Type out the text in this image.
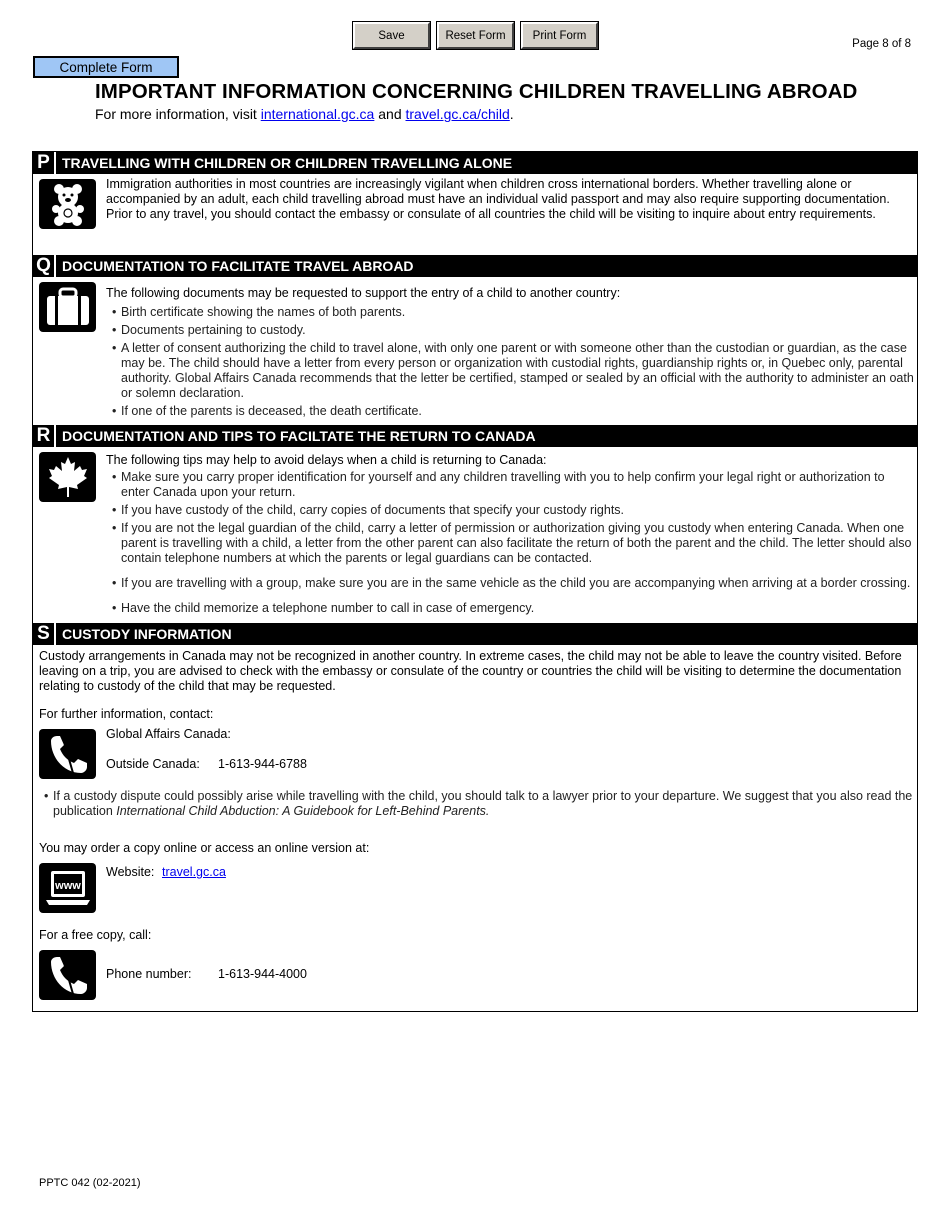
Save	Reset Form	Print Form
Page 8 of 8
Complete Form
IMPORTANT INFORMATION CONCERNING CHILDREN TRAVELLING ABROAD
For more information, visit international.gc.ca and travel.gc.ca/child.
P TRAVELLING WITH CHILDREN OR CHILDREN TRAVELLING ALONE
Immigration authorities in most countries are increasingly vigilant when children cross international borders. Whether travelling alone or accompanied by an adult, each child travelling abroad must have an individual valid passport and may also require supporting documentation. Prior to any travel, you should contact the embassy or consulate of all countries the child will be visiting to inquire about entry requirements.
Q DOCUMENTATION TO FACILITATE TRAVEL ABROAD
The following documents may be requested to support the entry of a child to another country:
• Birth certificate showing the names of both parents.
• Documents pertaining to custody.
• A letter of consent authorizing the child to travel alone, with only one parent or with someone other than the custodian or guardian, as the case may be. The child should have a letter from every person or organization with custodial rights, guardianship rights or, in Quebec only, parental authority. Global Affairs Canada recommends that the letter be certified, stamped or sealed by an official with the authority to administer an oath or solemn declaration.
• If one of the parents is deceased, the death certificate.
R DOCUMENTATION AND TIPS TO FACILTATE THE RETURN TO CANADA
The following tips may help to avoid delays when a child is returning to Canada:
• Make sure you carry proper identification for yourself and any children travelling with you to help confirm your legal right or authorization to enter Canada upon your return.
• If you have custody of the child, carry copies of documents that specify your custody rights.
• If you are not the legal guardian of the child, carry a letter of permission or authorization giving you custody when entering Canada. When one parent is travelling with a child, a letter from the other parent can also facilitate the return of both the parent and the child. The letter should also contain telephone numbers at which the parents or legal guardians can be contacted.
• If you are travelling with a group, make sure you are in the same vehicle as the child you are accompanying when arriving at a border crossing.
• Have the child memorize a telephone number to call in case of emergency.
S CUSTODY INFORMATION
Custody arrangements in Canada may not be recognized in another country. In extreme cases, the child may not be able to leave the country visited. Before leaving on a trip, you are advised to check with the embassy or consulate of the country or countries the child will be visiting to determine the documentation relating to custody of the child that may be requested.
For further information, contact:
Global Affairs Canada:
Outside Canada: 1-613-944-6788
• If a custody dispute could possibly arise while travelling with the child, you should talk to a lawyer prior to your departure. We suggest that you also read the publication International Child Abduction: A Guidebook for Left-Behind Parents.
You may order a copy online or access an online version at:
www
Website: travel.gc.ca
For a free copy, call:
Phone number: 1-613-944-4000
PPTC 042 (02-2021)
